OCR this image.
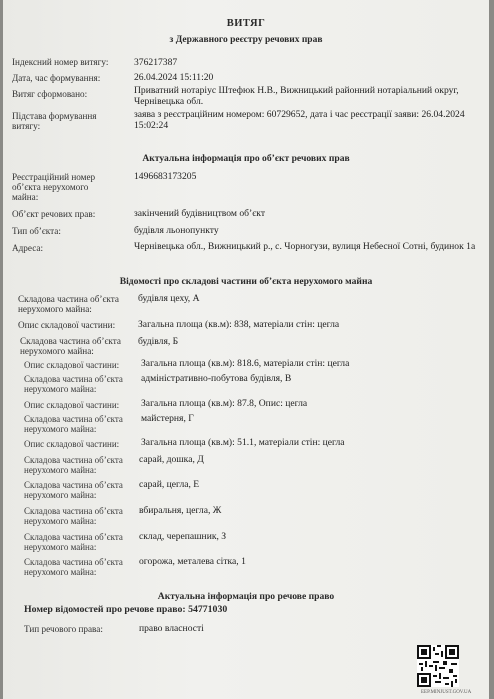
ВИТЯГ
з Державного реєстру речових прав
Індексний номер витягу:	376217387
Дата, час формування:	26.04.2024 15:11:20
Витяг сформовано:	Приватний нотаріус Штефюк Н.В., Вижницький районний нотаріальний округ, Чернівецька обл.
Підстава формування витягу:
заява з реєстраційним номером: 60729652, дата і час реєстрації заяви: 26.04.2024 15:02:24
Актуальна інформація про об’єкт речових прав
Реєстраційний номер об’єкта нерухомого майна:
1496683173205
Об’єкт речових прав:	закінчений будівництвом об’єкт
Тип об’єкта:	будівля льонопункту
Адреса:	Чернівецька обл., Вижницький р., с. Чорногузи, вулиця Небесної Сотні, будинок 1а
Відомості про складові частини об’єкта нерухомого майна
Складова частина об’єкта нерухомого майна:
будівля цеху, А
Опис складової частини:	Загальна площа (кв.м): 838, матеріали стін: цегла
Складова частина об’єкта нерухомого майна:
будівля, Б
Опис складової частини:	Загальна площа (кв.м): 818.6, матеріали стін: цегла
Складова частина об’єкта нерухомого майна:
адміністративно-побутова будівля, В
Опис складової частини:	Загальна площа (кв.м): 87.8, Опис: цегла
Складова частина об’єкта нерухомого майна:
майстерня, Г
Опис складової частини:	Загальна площа (кв.м): 51.1, матеріали стін: цегла
Складова частина об’єкта нерухомого майна:
сарай, дошка, Д
Складова частина об’єкта нерухомого майна:
сарай, цегла, Е
Складова частина об’єкта нерухомого майна:
вбиральня, цегла, Ж
Складова частина об’єкта нерухомого майна:
склад, черепашник, З
Складова частина об’єкта нерухомого майна:
огорожа, металева сітка, 1
Актуальна інформація про речове право
Номер відомостей про речове право: 54771030
Тип речового права:	право власності
EEP.MINJUST.GOV.UA
